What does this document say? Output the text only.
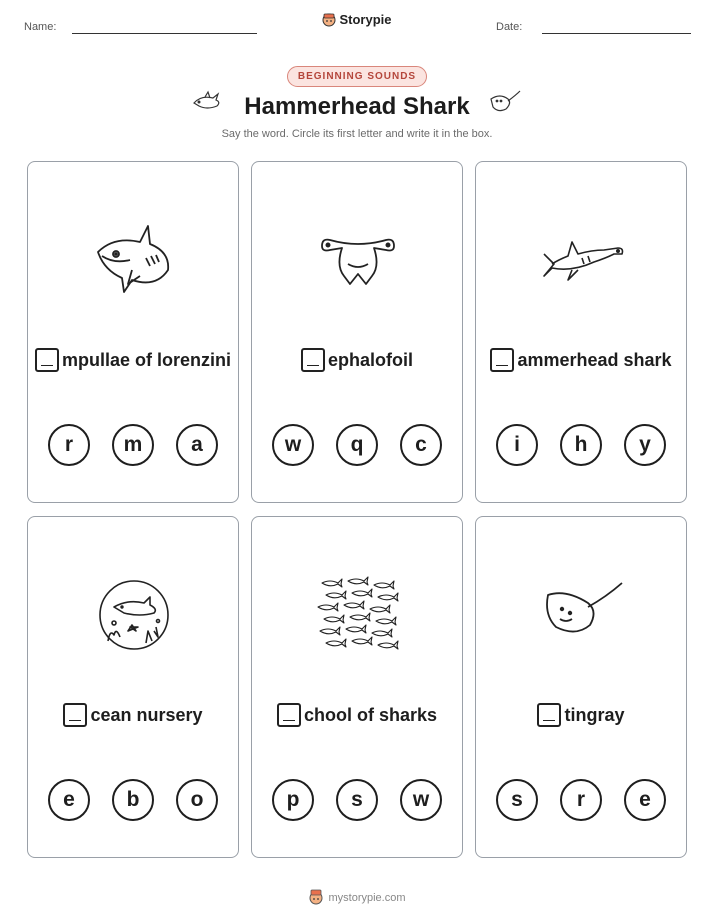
Name:	Date:
Storypie
BEGINNING SOUNDS
Hammerhead Shark
Say the word. Circle its first letter and write it in the box.
mpullae of lorenzini
r	m	a
ephalofoil
w	q	c
ammerhead shark
i	h	y
cean nursery
e	b	o
chool of sharks
p	s	w
tingray
s	r	e
mystorypie.com
